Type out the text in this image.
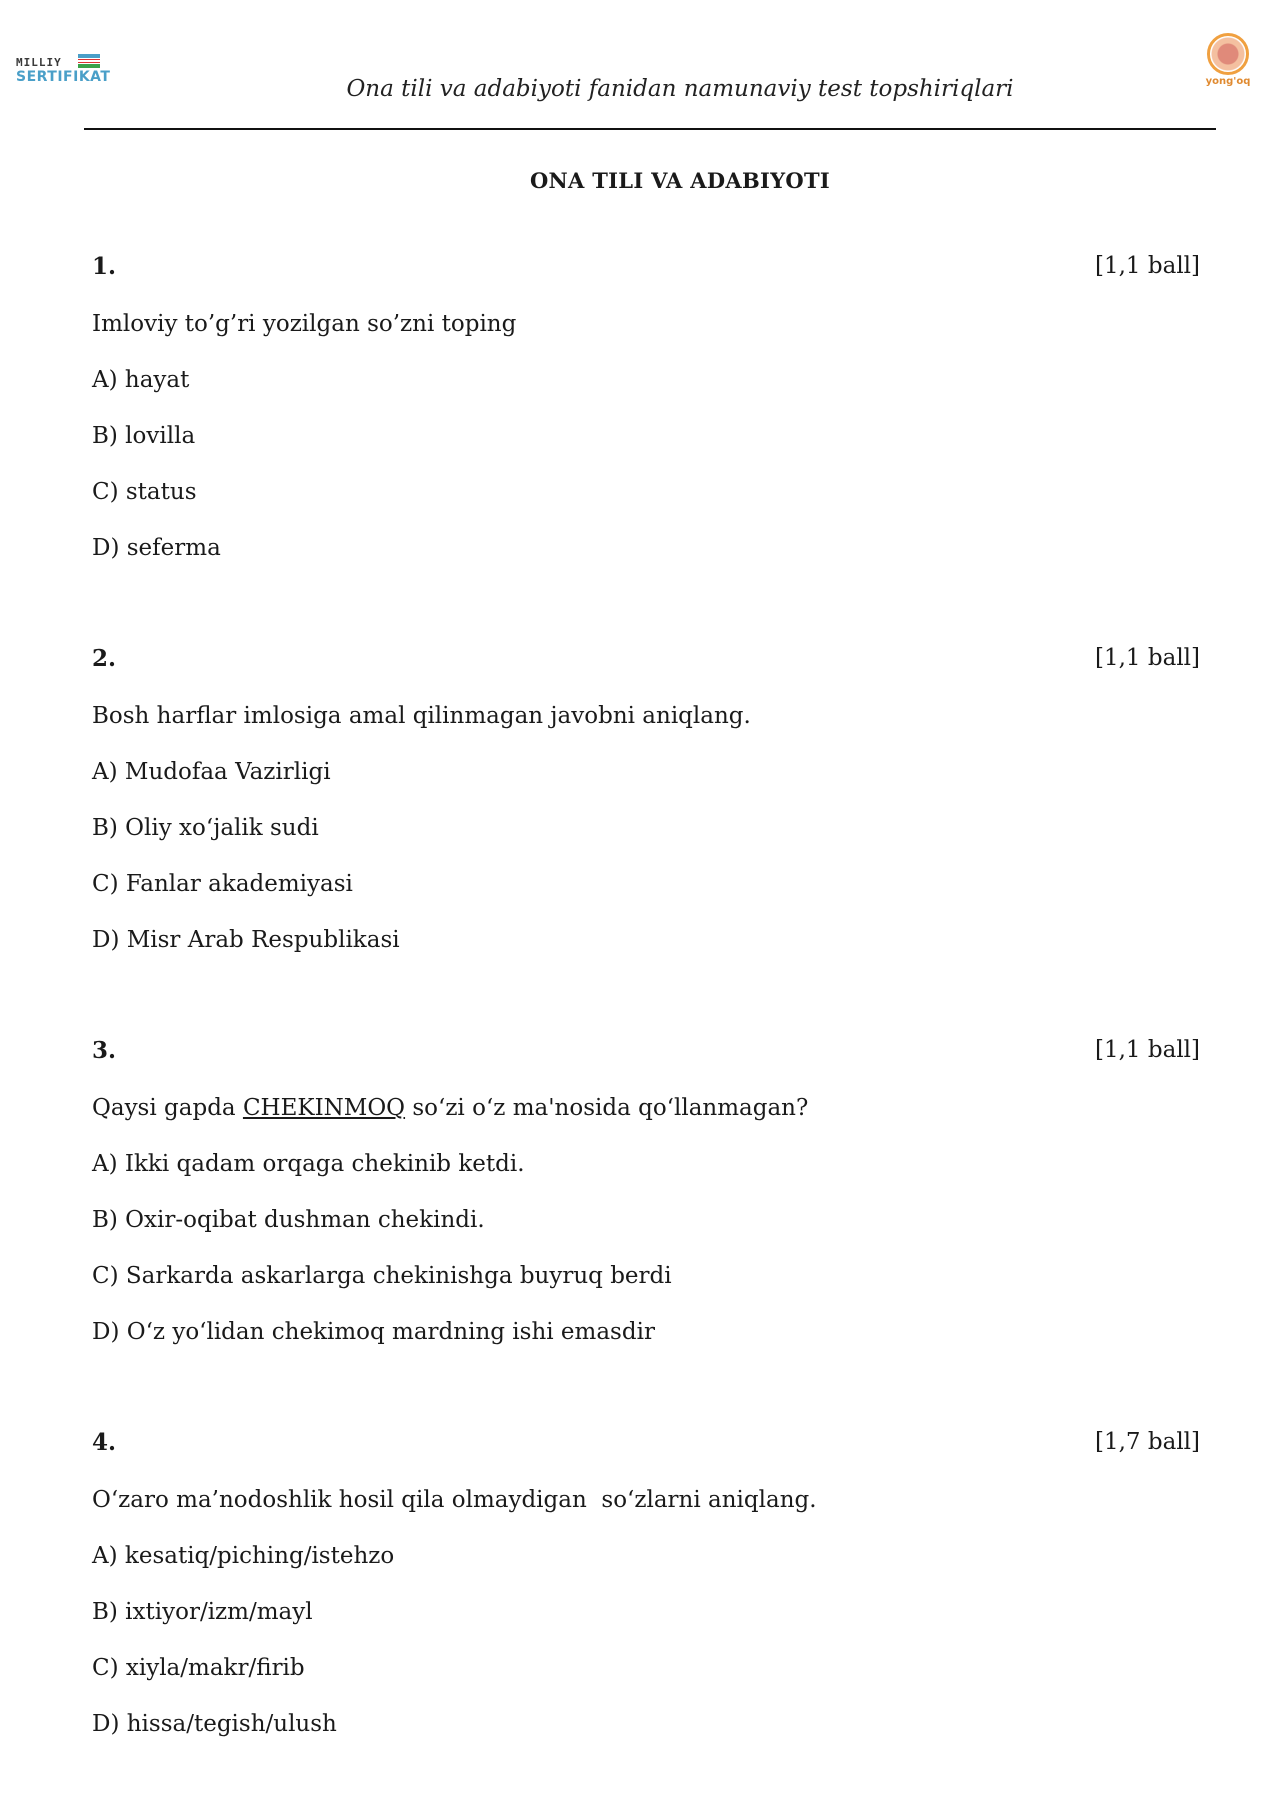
MILLIY
SERTIFIKAT	Ona tili va adabiyoti fanidan namunaviy test topshiriqlari	yong'oq
ONA TILI VA ADABIYOTI
1.	[1,1 ball]
Imloviy to’g’ri yozilgan so’zni toping
A) hayat
B) lovilla
C) status
D) seferma
2.	[1,1 ball]
Bosh harflar imlosiga amal qilinmagan javobni aniqlang.
A) Mudofaa Vazirligi
B) Oliy xo‘jalik sudi
C) Fanlar akademiyasi
D) Misr Arab Respublikasi
3.	[1,1 ball]
Qaysi gapda CHEKINMOQ so‘zi o‘z ma'nosida qo‘llanmagan?
A) Ikki qadam orqaga chekinib ketdi.
B) Oxir-oqibat dushman chekindi.
C) Sarkarda askarlarga chekinishga buyruq berdi
D) O‘z yo‘lidan chekimoq mardning ishi emasdir
4.	[1,7 ball]
O‘zaro ma’nodoshlik hosil qila olmaydigan  so‘zlarni aniqlang.
A) kesatiq/piching/istehzo
B) ixtiyor/izm/mayl
C) xiyla/makr/firib
D) hissa/tegish/ulush
